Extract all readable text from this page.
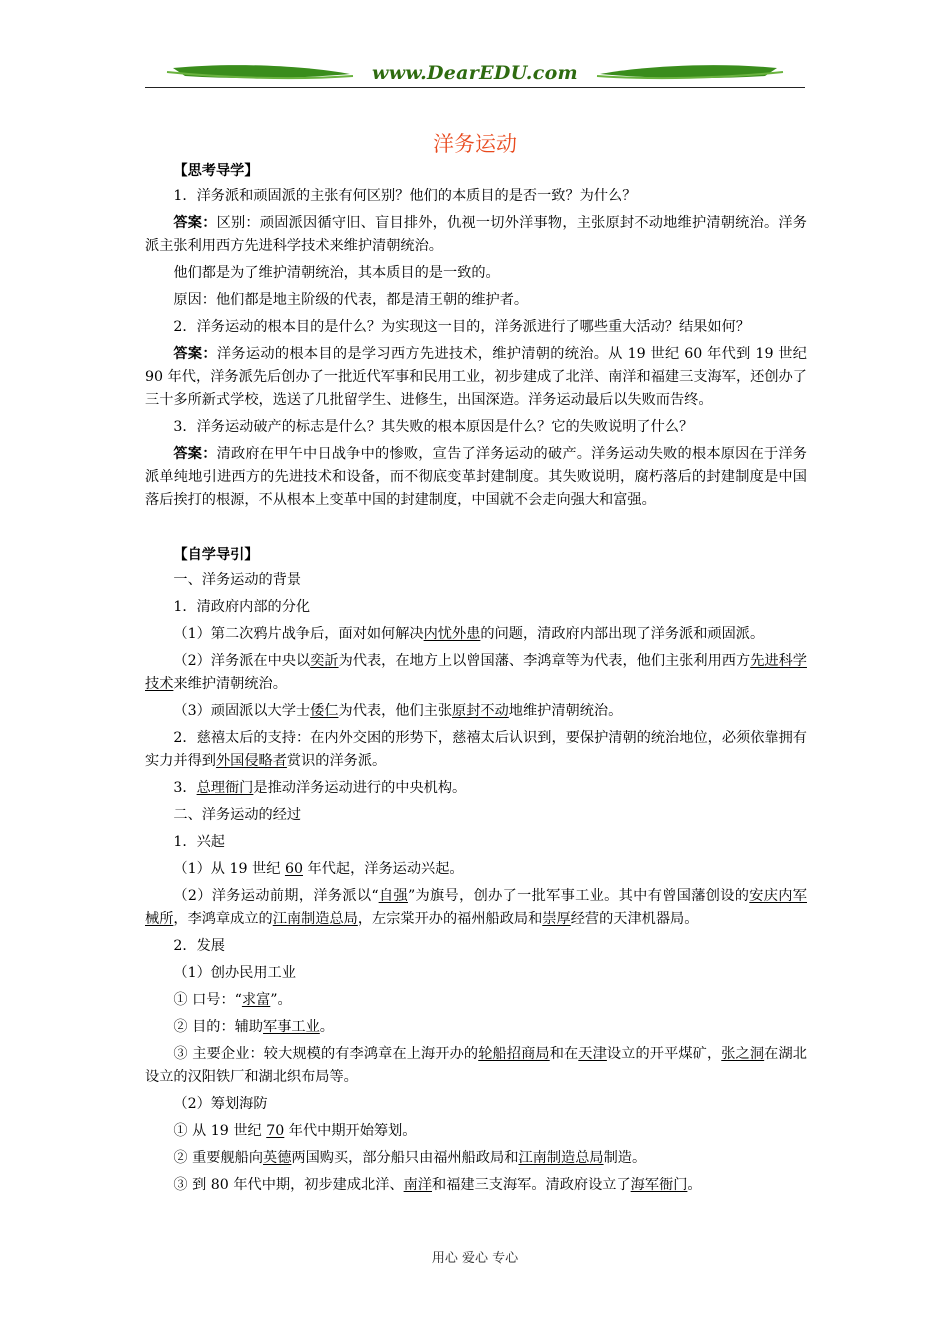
www.DearEDU.com
洋务运动

【思考导学】

1．洋务派和顽固派的主张有何区别？他们的本质目的是否一致？为什么？

答案：区别：顽固派因循守旧、盲目排外，仇视一切外洋事物，主张原封不动地维护清朝统治。洋务派主张利用西方先进科学技术来维护清朝统治。

他们都是为了维护清朝统治，其本质目的是一致的。

原因：他们都是地主阶级的代表，都是清王朝的维护者。

2．洋务运动的根本目的是什么？为实现这一目的，洋务派进行了哪些重大活动？结果如何？

答案：洋务运动的根本目的是学习西方先进技术，维护清朝的统治。从 19 世纪 60 年代到 19 世纪 90 年代，洋务派先后创办了一批近代军事和民用工业，初步建成了北洋、南洋和福建三支海军，还创办了三十多所新式学校，选送了几批留学生、进修生，出国深造。洋务运动最后以失败而告终。

3．洋务运动破产的标志是什么？其失败的根本原因是什么？它的失败说明了什么？

答案：清政府在甲午中日战争中的惨败，宣告了洋务运动的破产。洋务运动失败的根本原因在于洋务派单纯地引进西方的先进技术和设备，而不彻底变革封建制度。其失败说明，腐朽落后的封建制度是中国落后挨打的根源，不从根本上变革中国的封建制度，中国就不会走向强大和富强。

【自学导引】

一、洋务运动的背景

1．清政府内部的分化

（1）第二次鸦片战争后，面对如何解决内忧外患的问题，清政府内部出现了洋务派和顽固派。

（2）洋务派在中央以奕訢为代表，在地方上以曾国藩、李鸿章等为代表，他们主张利用西方先进科学技术来维护清朝统治。

（3）顽固派以大学士倭仁为代表，他们主张原封不动地维护清朝统治。

2．慈禧太后的支持：在内外交困的形势下，慈禧太后认识到，要保护清朝的统治地位，必须依靠拥有实力并得到外国侵略者赏识的洋务派。

3．总理衙门是推动洋务运动进行的中央机构。

二、洋务运动的经过

1．兴起

（1）从 19 世纪 60 年代起，洋务运动兴起。

（2）洋务运动前期，洋务派以“自强”为旗号，创办了一批军事工业。其中有曾国藩创设的安庆内军械所，李鸿章成立的江南制造总局，左宗棠开办的福州船政局和崇厚经营的天津机器局。

2．发展

（1）创办民用工业

① 口号：“求富”。

② 目的：辅助军事工业。

③ 主要企业：较大规模的有李鸿章在上海开办的轮船招商局和在天津设立的开平煤矿，张之洞在湖北设立的汉阳铁厂和湖北织布局等。

（2）筹划海防

① 从 19 世纪 70 年代中期开始筹划。

② 重要舰船向英德两国购买，部分船只由福州船政局和江南制造总局制造。

③ 到 80 年代中期，初步建成北洋、南洋和福建三支海军。清政府设立了海军衙门。

用心 爱心 专心
